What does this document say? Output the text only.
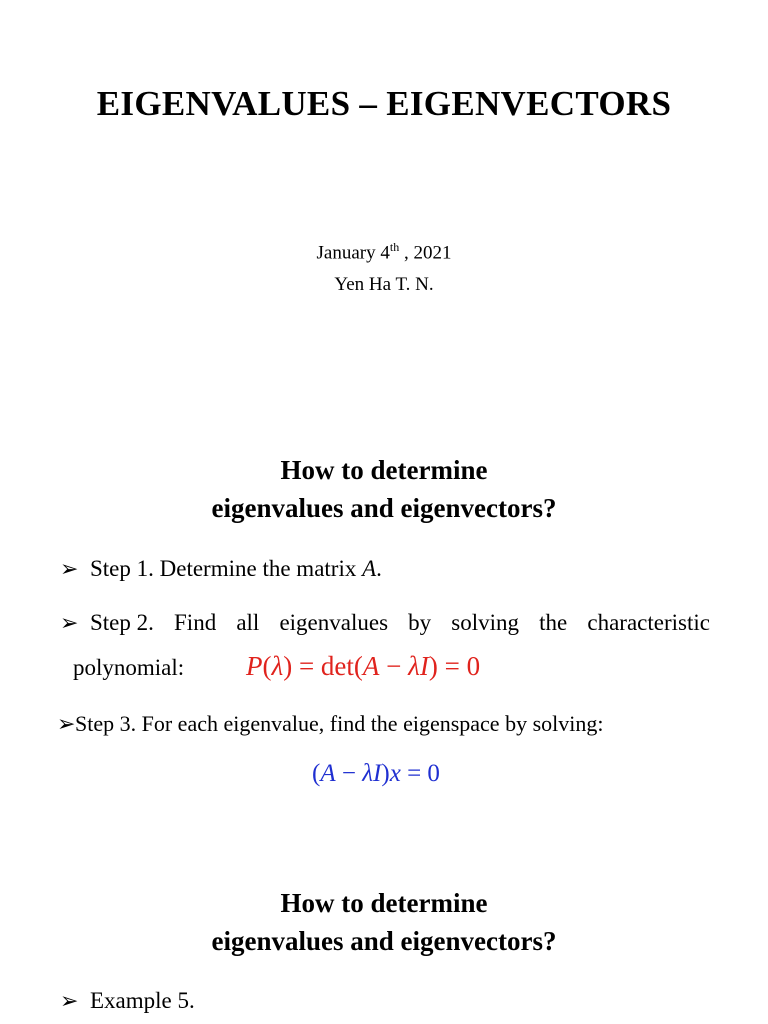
EIGENVALUES – EIGENVECTORS
January 4th , 2021
Yen Ha T. N.
How to determine
eigenvalues and eigenvectors?
➢ Step 1. Determine the matrix A.
➢ Step 2. Find all eigenvalues by solving the characteristic
polynomial: P(λ) = det(A − λI) = 0
➢Step 3. For each eigenvalue, find the eigenspace by solving:
(A − λI)x = 0
How to determine
eigenvalues and eigenvectors?
➢ Example 5.
